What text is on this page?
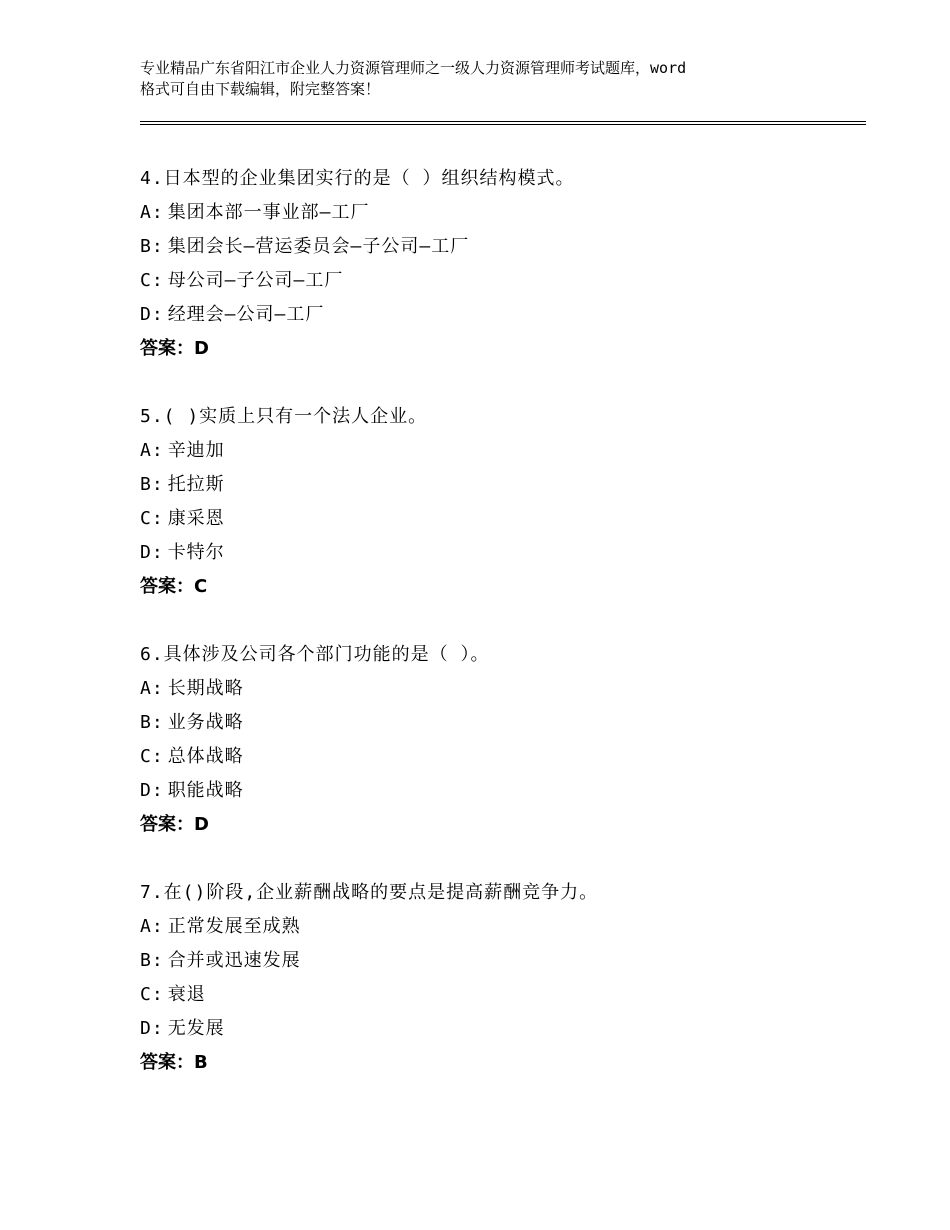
专业精品广东省阳江市企业人力资源管理师之一级人力资源管理师考试题库，word
格式可自由下载编辑，附完整答案！
4.日本型的企业集团实行的是（ ）组织结构模式。
A: 集团本部一事业部—工厂
B: 集团会长—营运委员会—子公司—工厂
C: 母公司—子公司—工厂
D: 经理会—公司—工厂
答案：D
5.( )实质上只有一个法人企业。
A: 辛迪加
B: 托拉斯
C: 康采恩
D: 卡特尔
答案：C
6.具体涉及公司各个部门功能的是（ ）。
A: 长期战略
B: 业务战略
C: 总体战略
D: 职能战略
答案：D
7.在()阶段,企业薪酬战略的要点是提高薪酬竞争力。
A: 正常发展至成熟
B: 合并或迅速发展
C: 衰退
D: 无发展
答案：B
